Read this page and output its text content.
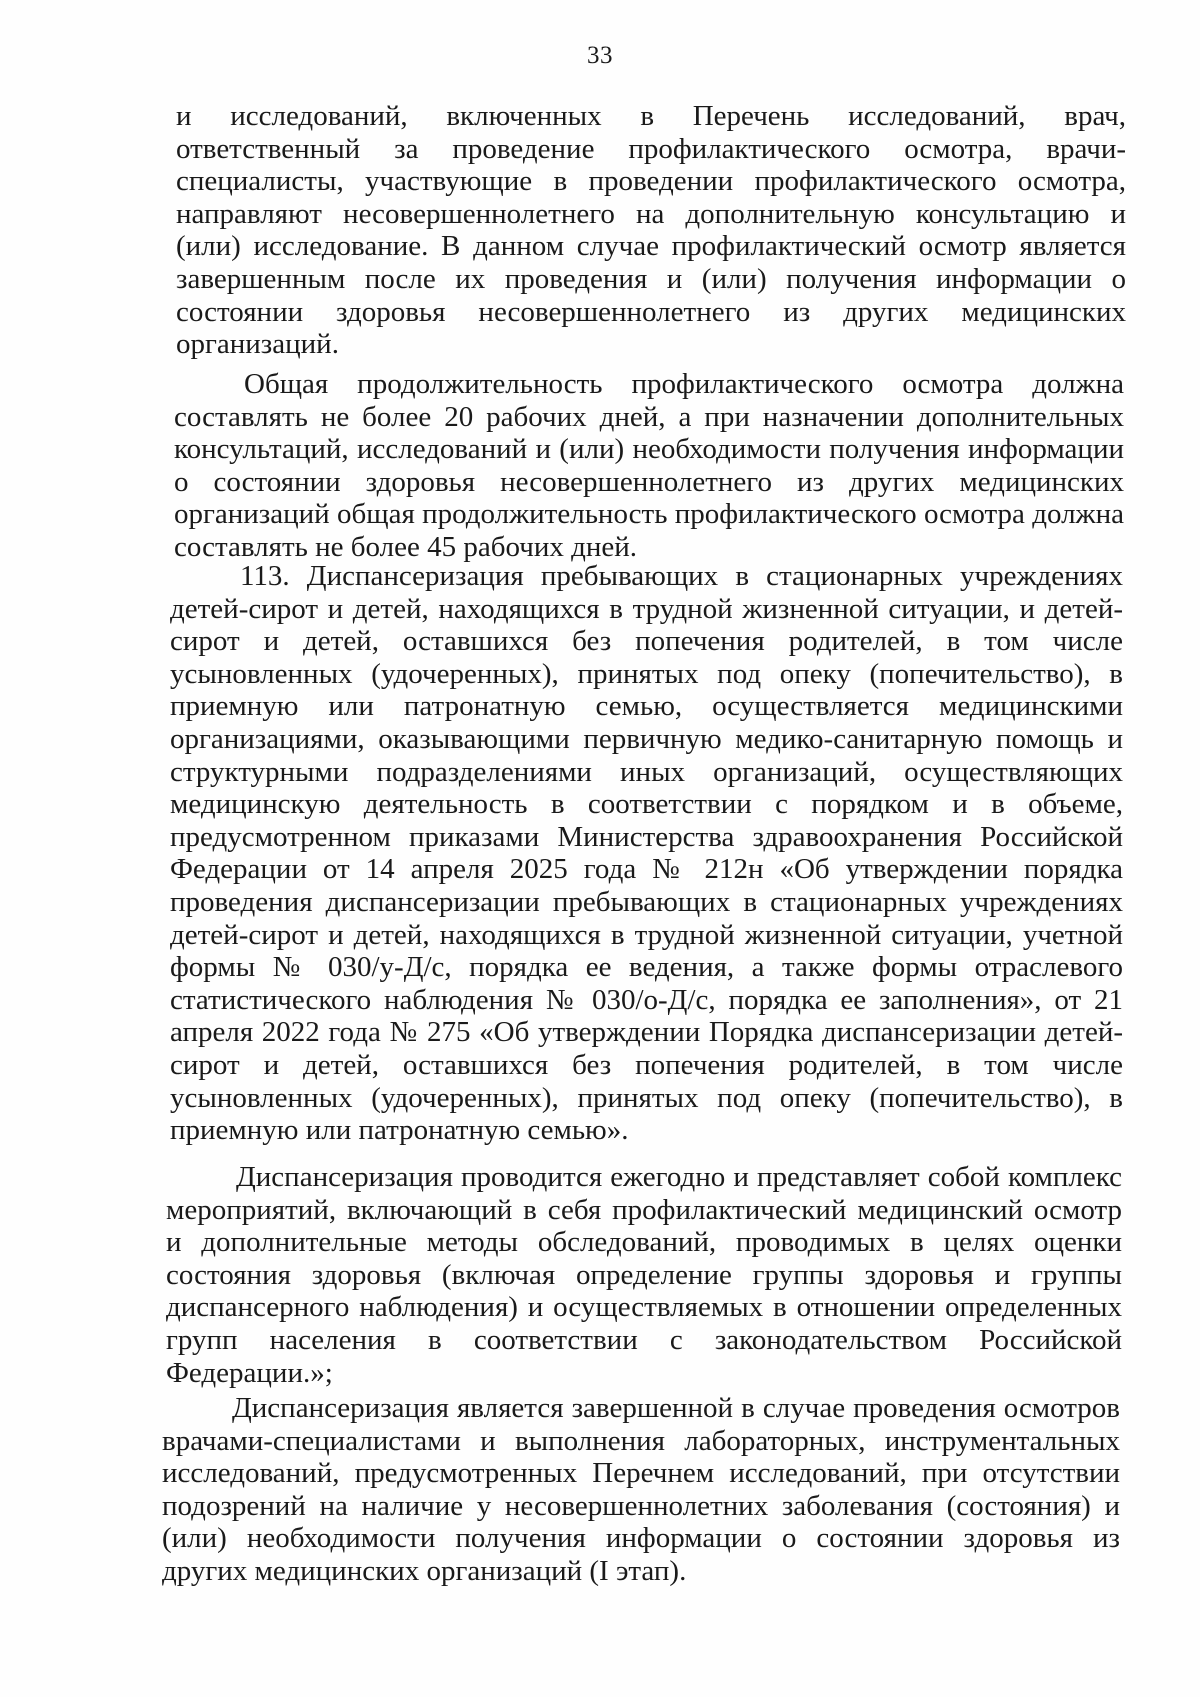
33

и исследований, включенных в Перечень исследований, врач, ответственный за проведение профилактического осмотра, врачи-специалисты, участвующие в проведении профилактического осмотра, направляют несовершеннолетнего на дополнительную консультацию и (или) исследование. В данном случае профилактический осмотр является завершенным после их проведения и (или) получения информации о состоянии здоровья несовершеннолетнего из других медицинских организаций.

Общая продолжительность профилактического осмотра должна составлять не более 20 рабочих дней, а при назначении дополнительных консультаций, исследований и (или) необходимости получения информации о состоянии здоровья несовершеннолетнего из других медицинских организаций общая продолжительность профилактического осмотра должна составлять не более 45 рабочих дней.

113. Диспансеризация пребывающих в стационарных учреждениях детей-сирот и детей, находящихся в трудной жизненной ситуации, и детей-сирот и детей, оставшихся без попечения родителей, в том числе усыновленных (удочеренных), принятых под опеку (попечительство), в приемную или патронатную семью, осуществляется медицинскими организациями, оказывающими первичную медико-санитарную помощь и структурными подразделениями иных организаций, осуществляющих медицинскую деятельность в соответствии с порядком и в объеме, предусмотренном приказами Министерства здравоохранения Российской Федерации от 14 апреля 2025 года № 212н «Об утверждении порядка проведения диспансеризации пребывающих в стационарных учреждениях детей-сирот и детей, находящихся в трудной жизненной ситуации, учетной формы № 030/у-Д/с, порядка ее ведения, а также формы отраслевого статистического наблюдения № 030/о-Д/с, порядка ее заполнения», от 21 апреля 2022 года № 275 «Об утверждении Порядка диспансеризации детей-сирот и детей, оставшихся без попечения родителей, в том числе усыновленных (удочеренных), принятых под опеку (попечительство), в приемную или патронатную семью».

Диспансеризация проводится ежегодно и представляет собой комплекс мероприятий, включающий в себя профилактический медицинский осмотр и дополнительные методы обследований, проводимых в целях оценки состояния здоровья (включая определение группы здоровья и группы диспансерного наблюдения) и осуществляемых в отношении определенных групп населения в соответствии с законодательством Российской Федерации.»;

Диспансеризация является завершенной в случае проведения осмотров врачами-специалистами и выполнения лабораторных, инструментальных исследований, предусмотренных Перечнем исследований, при отсутствии подозрений на наличие у несовершеннолетних заболевания (состояния) и (или) необходимости получения информации о состоянии здоровья из других медицинских организаций (I этап).
